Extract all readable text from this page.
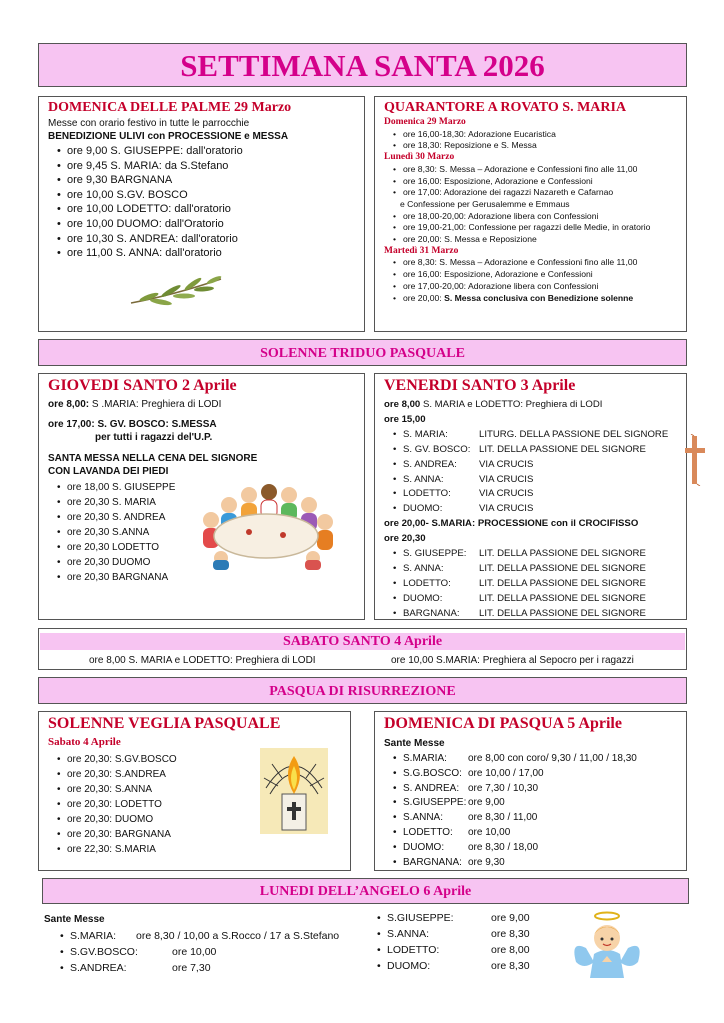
SETTIMANA SANTA 2026
DOMENICA DELLE PALME 29 Marzo
Messe con orario festivo in tutte le parrocchie
BENEDIZIONE ULIVI con PROCESSIONE e MESSA
• ore 9,00 S. GIUSEPPE: dall'oratorio
• ore 9,45 S. MARIA: da S.Stefano
• ore 9,30 BARGNANA
• ore 10,00 S.GV. BOSCO
• ore 10,00 LODETTO: dall'oratorio
• ore 10,00 DUOMO: dall'Oratorio
• ore 10,30 S. ANDREA: dall'oratorio
• ore 11,00 S. ANNA: dall'oratorio
QUARANTORE A ROVATO S. MARIA
Domenica 29 Marzo
• ore 16,00-18,30: Adorazione Eucaristica
• ore 18,30: Reposizione e S. Messa
Lunedì 30 Marzo
• ore 8,30: S. Messa – Adorazione e Confessioni fino alle 11,00
• ore 16,00: Esposizione, Adorazione e Confessioni
• ore 17,00: Adorazione dei ragazzi Nazareth e Cafarnao
e Confessione per Gerusalemme e Emmaus
• ore 18,00-20,00: Adorazione libera con Confessioni
• ore 19,00-21,00: Confessione per ragazzi delle Medie, in oratorio
• ore 20,00: S. Messa e Reposizione
Martedì 31 Marzo
• ore 8,30: S. Messa – Adorazione e Confessioni fino alle 11,00
• ore 16,00: Esposizione, Adorazione e Confessioni
• ore 17,00-20,00: Adorazione libera con Confessioni
• ore 20,00: S. Messa conclusiva con Benedizione solenne
SOLENNE TRIDUO PASQUALE
GIOVEDI SANTO 2 Aprile
ore 8,00: S .MARIA: Preghiera di LODI
ore 17,00: S. GV. BOSCO: S.MESSA
per tutti i ragazzi del'U.P.
SANTA MESSA NELLA CENA DEL SIGNORE
CON LAVANDA DEI PIEDI
• ore 18,00 S. GIUSEPPE
• ore 20,30 S. MARIA
• ore 20,30 S. ANDREA
• ore 20,30 S.ANNA
• ore 20,30 LODETTO
• ore 20,30 DUOMO
• ore 20,30 BARGNANA
VENERDI SANTO 3 Aprile
ore 8,00 S. MARIA e LODETTO: Preghiera di LODI
ore 15,00
• S. MARIA:	LITURG. DELLA PASSIONE DEL SIGNORE
• S. GV. BOSCO: LIT. DELLA PASSIONE DEL SIGNORE
• S. ANDREA: VIA CRUCIS
• S. ANNA:	VIA CRUCIS
• LODETTO:	VIA CRUCIS
• DUOMO:	VIA CRUCIS
ore 20,00- S.MARIA: PROCESSIONE con il CROCIFISSO
ore 20,30
• S. GIUSEPPE: LIT. DELLA PASSIONE DEL SIGNORE
• S. ANNA:	LIT. DELLA PASSIONE DEL SIGNORE
• LODETTO:	LIT. DELLA PASSIONE DEL SIGNORE
• DUOMO:	LIT. DELLA PASSIONE DEL SIGNORE
• BARGNANA: LIT. DELLA PASSIONE DEL SIGNORE
SABATO SANTO 4 Aprile
ore 8,00 S. MARIA e LODETTO: Preghiera di LODI	ore 10,00 S.MARIA: Preghiera al Sepocro per i ragazzi
PASQUA DI RISURREZIONE
SOLENNE VEGLIA PASQUALE
Sabato 4 Aprile
• ore 20,30: S.GV.BOSCO
• ore 20,30: S.ANDREA
• ore 20,30: S.ANNA
• ore 20,30: LODETTO
• ore 20,30: DUOMO
• ore 20,30: BARGNANA
• ore 22,30: S.MARIA
DOMENICA DI PASQUA 5 Aprile
Sante Messe
• S.MARIA: ore 8,00 con coro/ 9,30 / 11,00 / 18,30
• S.G.BOSCO: ore 10,00 / 17,00
• S. ANDREA: ore 7,30 / 10,30
• S.GIUSEPPE: ore 9,00
• S.ANNA: ore 8,30 / 11,00
• LODETTO: ore 10,00
• DUOMO: ore 8,30 / 18,00
• BARGNANA: ore 9,30
LUNEDI DELL’ANGELO 6 Aprile
Sante Messe
• S.MARIA: ore 8,30 / 10,00 a S.Rocco / 17 a S.Stefano
• S.GV.BOSCO:	ore 10,00
• S.ANDREA:	ore 7,30
• S.GIUSEPPE:	ore 9,00
• S.ANNA:	ore 8,30
• LODETTO:	ore 8,00
• DUOMO:	ore 8,30
